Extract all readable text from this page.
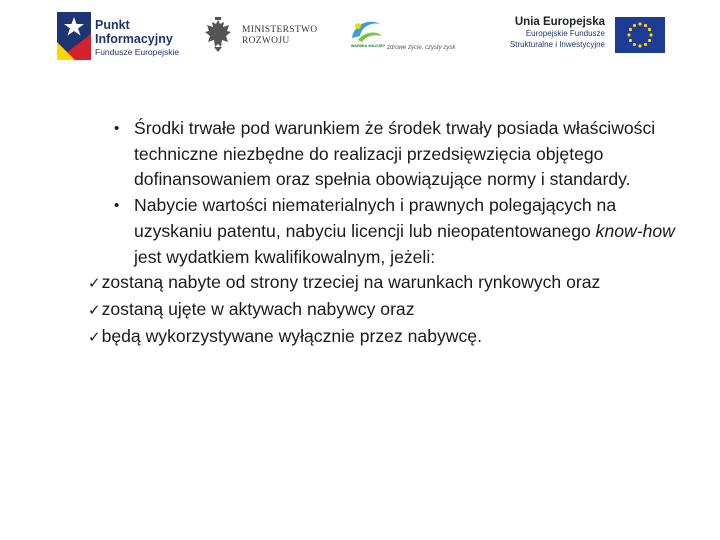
Punkt
Informacyjny
Fundusze Europejskie
MINISTERSTWO
ROZWOJU	WARMIA MAZURY zdrowe życie, czysty zysk
Unia Europejska
Europejskie Fundusze
Strukturalne i Inwestycyjne
• Środki trwałe pod warunkiem że środek trwały posiada właściwości techniczne niezbędne do realizacji przedsięwzięcia objętego dofinansowaniem oraz spełnia obowiązujące normy i standardy.
• Nabycie wartości niematerialnych i prawnych polegających na uzyskaniu patentu, nabyciu licencji lub nieopatentowanego know-how jest wydatkiem kwalifikowalnym, jeżeli:
✓zostaną nabyte od strony trzeciej na warunkach rynkowych oraz
✓zostaną ujęte w aktywach nabywcy oraz
✓będą wykorzystywane wyłącznie przez nabywcę.
